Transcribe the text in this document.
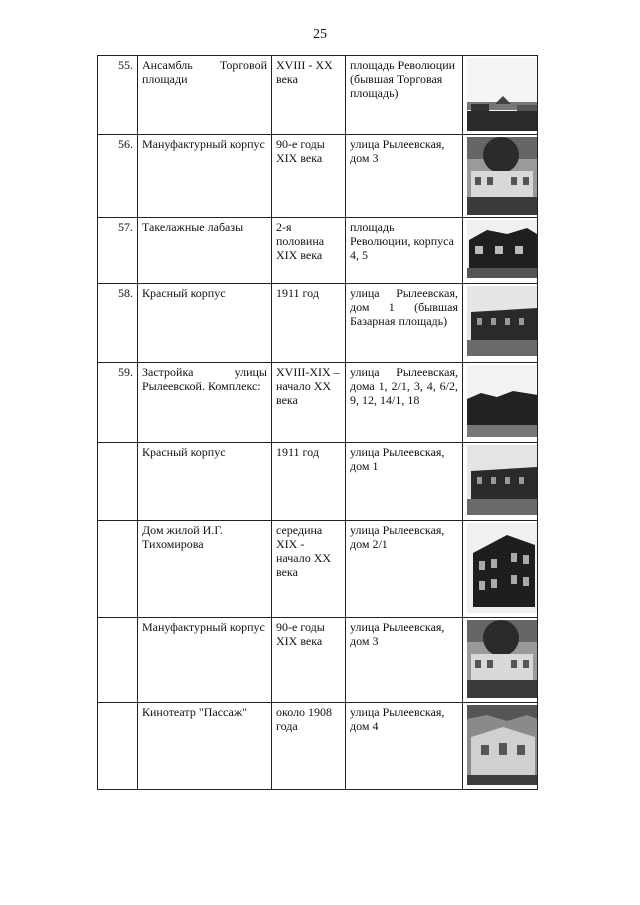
25
55.	Ансамбль Торговой площади	XVIII - XX века	площадь Революции (бывшая Торговая площадь)	

56.	Мануфактурный корпус	90-е годы XIX века	улица Рылеевская, дом 3	

57.	Такелажные лабазы	2-я половина XIX века	площадь Революции, корпуса 4, 5	

58.	Красный корпус	1911 год	улица Рылеевская, дом 1 (бывшая Базарная площадь)	

59.	Застройка улицы Рылеевской. Комплекс:	XVIII-XIX –начало XX века	улица Рылеевская, дома 1, 2/1, 3, 4, 6/2, 9, 12, 14/1, 18	

	Красный корпус	1911 год	улица Рылеевская, дом 1	

	Дом жилой И.Г. Тихомирова	середина XIX - начало XX века	улица Рылеевская, дом 2/1	

	Мануфактурный корпус	90-е годы XIX века	улица Рылеевская, дом 3	

	Кинотеатр "Пассаж"	около 1908 года	улица Рылеевская, дом 4	
